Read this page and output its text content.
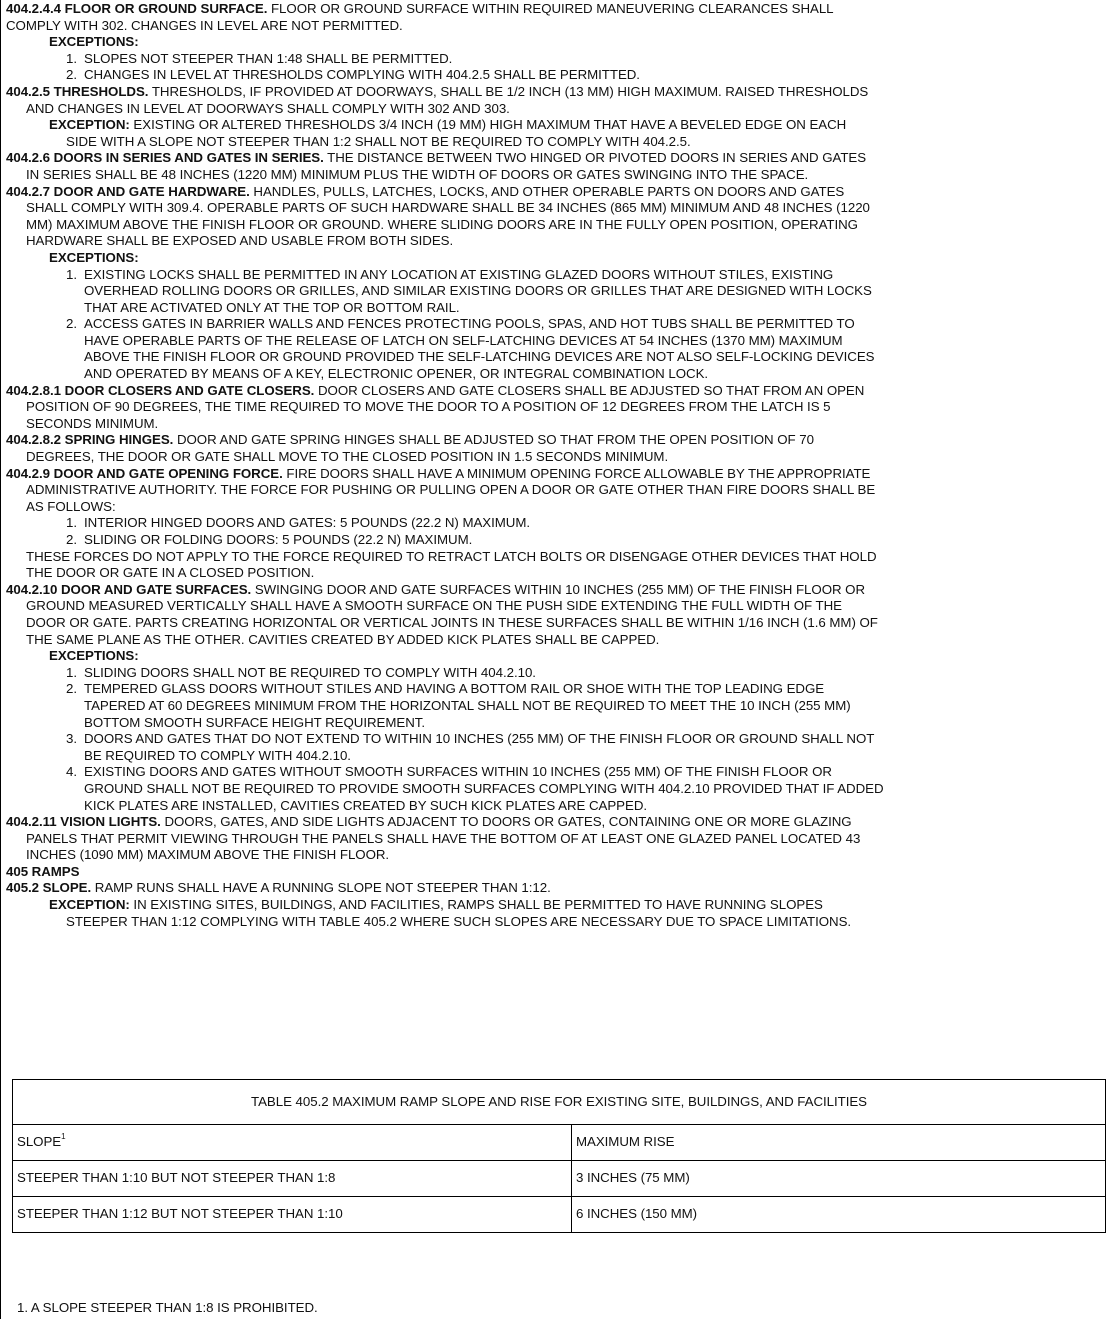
404.2.4.4 FLOOR OR GROUND SURFACE. FLOOR OR GROUND SURFACE WITHIN REQUIRED MANEUVERING CLEARANCES SHALL
COMPLY WITH 302. CHANGES IN LEVEL ARE NOT PERMITTED.
EXCEPTIONS:
1. SLOPES NOT STEEPER THAN 1:48 SHALL BE PERMITTED.
2. CHANGES IN LEVEL AT THRESHOLDS COMPLYING WITH 404.2.5 SHALL BE PERMITTED.
404.2.5 THRESHOLDS. THRESHOLDS, IF PROVIDED AT DOORWAYS, SHALL BE 1/2 INCH (13 MM) HIGH MAXIMUM. RAISED THRESHOLDS
AND CHANGES IN LEVEL AT DOORWAYS SHALL COMPLY WITH 302 AND 303.
EXCEPTION: EXISTING OR ALTERED THRESHOLDS 3/4 INCH (19 MM) HIGH MAXIMUM THAT HAVE A BEVELED EDGE ON EACH
SIDE WITH A SLOPE NOT STEEPER THAN 1:2 SHALL NOT BE REQUIRED TO COMPLY WITH 404.2.5.
404.2.6 DOORS IN SERIES AND GATES IN SERIES. THE DISTANCE BETWEEN TWO HINGED OR PIVOTED DOORS IN SERIES AND GATES
IN SERIES SHALL BE 48 INCHES (1220 MM) MINIMUM PLUS THE WIDTH OF DOORS OR GATES SWINGING INTO THE SPACE.
404.2.7 DOOR AND GATE HARDWARE. HANDLES, PULLS, LATCHES, LOCKS, AND OTHER OPERABLE PARTS ON DOORS AND GATES
SHALL COMPLY WITH 309.4. OPERABLE PARTS OF SUCH HARDWARE SHALL BE 34 INCHES (865 MM) MINIMUM AND 48 INCHES (1220
MM) MAXIMUM ABOVE THE FINISH FLOOR OR GROUND. WHERE SLIDING DOORS ARE IN THE FULLY OPEN POSITION, OPERATING
HARDWARE SHALL BE EXPOSED AND USABLE FROM BOTH SIDES.
EXCEPTIONS:
1. EXISTING LOCKS SHALL BE PERMITTED IN ANY LOCATION AT EXISTING GLAZED DOORS WITHOUT STILES, EXISTING
OVERHEAD ROLLING DOORS OR GRILLES, AND SIMILAR EXISTING DOORS OR GRILLES THAT ARE DESIGNED WITH LOCKS
THAT ARE ACTIVATED ONLY AT THE TOP OR BOTTOM RAIL.
2. ACCESS GATES IN BARRIER WALLS AND FENCES PROTECTING POOLS, SPAS, AND HOT TUBS SHALL BE PERMITTED TO
HAVE OPERABLE PARTS OF THE RELEASE OF LATCH ON SELF-LATCHING DEVICES AT 54 INCHES (1370 MM) MAXIMUM
ABOVE THE FINISH FLOOR OR GROUND PROVIDED THE SELF-LATCHING DEVICES ARE NOT ALSO SELF-LOCKING DEVICES
AND OPERATED BY MEANS OF A KEY, ELECTRONIC OPENER, OR INTEGRAL COMBINATION LOCK.
404.2.8.1 DOOR CLOSERS AND GATE CLOSERS. DOOR CLOSERS AND GATE CLOSERS SHALL BE ADJUSTED SO THAT FROM AN OPEN
POSITION OF 90 DEGREES, THE TIME REQUIRED TO MOVE THE DOOR TO A POSITION OF 12 DEGREES FROM THE LATCH IS 5
SECONDS MINIMUM.
404.2.8.2 SPRING HINGES. DOOR AND GATE SPRING HINGES SHALL BE ADJUSTED SO THAT FROM THE OPEN POSITION OF 70
DEGREES, THE DOOR OR GATE SHALL MOVE TO THE CLOSED POSITION IN 1.5 SECONDS MINIMUM.
404.2.9 DOOR AND GATE OPENING FORCE. FIRE DOORS SHALL HAVE A MINIMUM OPENING FORCE ALLOWABLE BY THE APPROPRIATE
ADMINISTRATIVE AUTHORITY. THE FORCE FOR PUSHING OR PULLING OPEN A DOOR OR GATE OTHER THAN FIRE DOORS SHALL BE
AS FOLLOWS:
1. INTERIOR HINGED DOORS AND GATES: 5 POUNDS (22.2 N) MAXIMUM.
2. SLIDING OR FOLDING DOORS: 5 POUNDS (22.2 N) MAXIMUM.
THESE FORCES DO NOT APPLY TO THE FORCE REQUIRED TO RETRACT LATCH BOLTS OR DISENGAGE OTHER DEVICES THAT HOLD
THE DOOR OR GATE IN A CLOSED POSITION.
404.2.10 DOOR AND GATE SURFACES. SWINGING DOOR AND GATE SURFACES WITHIN 10 INCHES (255 MM) OF THE FINISH FLOOR OR
GROUND MEASURED VERTICALLY SHALL HAVE A SMOOTH SURFACE ON THE PUSH SIDE EXTENDING THE FULL WIDTH OF THE
DOOR OR GATE. PARTS CREATING HORIZONTAL OR VERTICAL JOINTS IN THESE SURFACES SHALL BE WITHIN 1/16 INCH (1.6 MM) OF
THE SAME PLANE AS THE OTHER. CAVITIES CREATED BY ADDED KICK PLATES SHALL BE CAPPED.
EXCEPTIONS:
1. SLIDING DOORS SHALL NOT BE REQUIRED TO COMPLY WITH 404.2.10.
2. TEMPERED GLASS DOORS WITHOUT STILES AND HAVING A BOTTOM RAIL OR SHOE WITH THE TOP LEADING EDGE
TAPERED AT 60 DEGREES MINIMUM FROM THE HORIZONTAL SHALL NOT BE REQUIRED TO MEET THE 10 INCH (255 MM)
BOTTOM SMOOTH SURFACE HEIGHT REQUIREMENT.
3. DOORS AND GATES THAT DO NOT EXTEND TO WITHIN 10 INCHES (255 MM) OF THE FINISH FLOOR OR GROUND SHALL NOT
BE REQUIRED TO COMPLY WITH 404.2.10.
4. EXISTING DOORS AND GATES WITHOUT SMOOTH SURFACES WITHIN 10 INCHES (255 MM) OF THE FINISH FLOOR OR
GROUND SHALL NOT BE REQUIRED TO PROVIDE SMOOTH SURFACES COMPLYING WITH 404.2.10 PROVIDED THAT IF ADDED
KICK PLATES ARE INSTALLED, CAVITIES CREATED BY SUCH KICK PLATES ARE CAPPED.
404.2.11 VISION LIGHTS. DOORS, GATES, AND SIDE LIGHTS ADJACENT TO DOORS OR GATES, CONTAINING ONE OR MORE GLAZING
PANELS THAT PERMIT VIEWING THROUGH THE PANELS SHALL HAVE THE BOTTOM OF AT LEAST ONE GLAZED PANEL LOCATED 43
INCHES (1090 MM) MAXIMUM ABOVE THE FINISH FLOOR.
405 RAMPS
405.2 SLOPE. RAMP RUNS SHALL HAVE A RUNNING SLOPE NOT STEEPER THAN 1:12.
EXCEPTION: IN EXISTING SITES, BUILDINGS, AND FACILITIES, RAMPS SHALL BE PERMITTED TO HAVE RUNNING SLOPES
STEEPER THAN 1:12 COMPLYING WITH TABLE 405.2 WHERE SUCH SLOPES ARE NECESSARY DUE TO SPACE LIMITATIONS.
TABLE 405.2 MAXIMUM RAMP SLOPE AND RISE FOR EXISTING SITE, BUILDINGS, AND FACILITIES	
SLOPE$^1$	MAXIMUM RISE
STEEPER THAN 1:10 BUT NOT STEEPER THAN 1:8	3 INCHES (75 MM)
STEEPER THAN 1:12 BUT NOT STEEPER THAN 1:10	6 INCHES (150 MM)
1. A SLOPE STEEPER THAN 1:8 IS PROHIBITED.
